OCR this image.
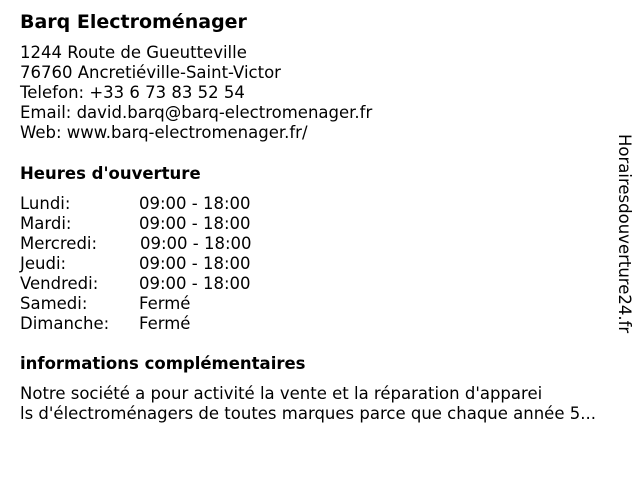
Barq Electroménager
1244 Route de Gueutteville
76760 Ancretiéville-Saint-Victor
Telefon: +33 6 73 83 52 54
Email: david.barq@barq-electromenager.fr
Web: www.barq-electromenager.fr/
Heures d'ouverture
Lundi:	09:00 - 18:00
Mardi:	09:00 - 18:00
Mercredi:	09:00 - 18:00
Jeudi:	09:00 - 18:00
Vendredi: 09:00 - 18:00
Samedi:	Fermé
Dimanche: Fermé
informations complémentaires
Notre société a pour activité la vente et la réparation d'apparei
ls d'électroménagers de toutes marques parce que chaque année 5...
Horairesdouverture24.fr
